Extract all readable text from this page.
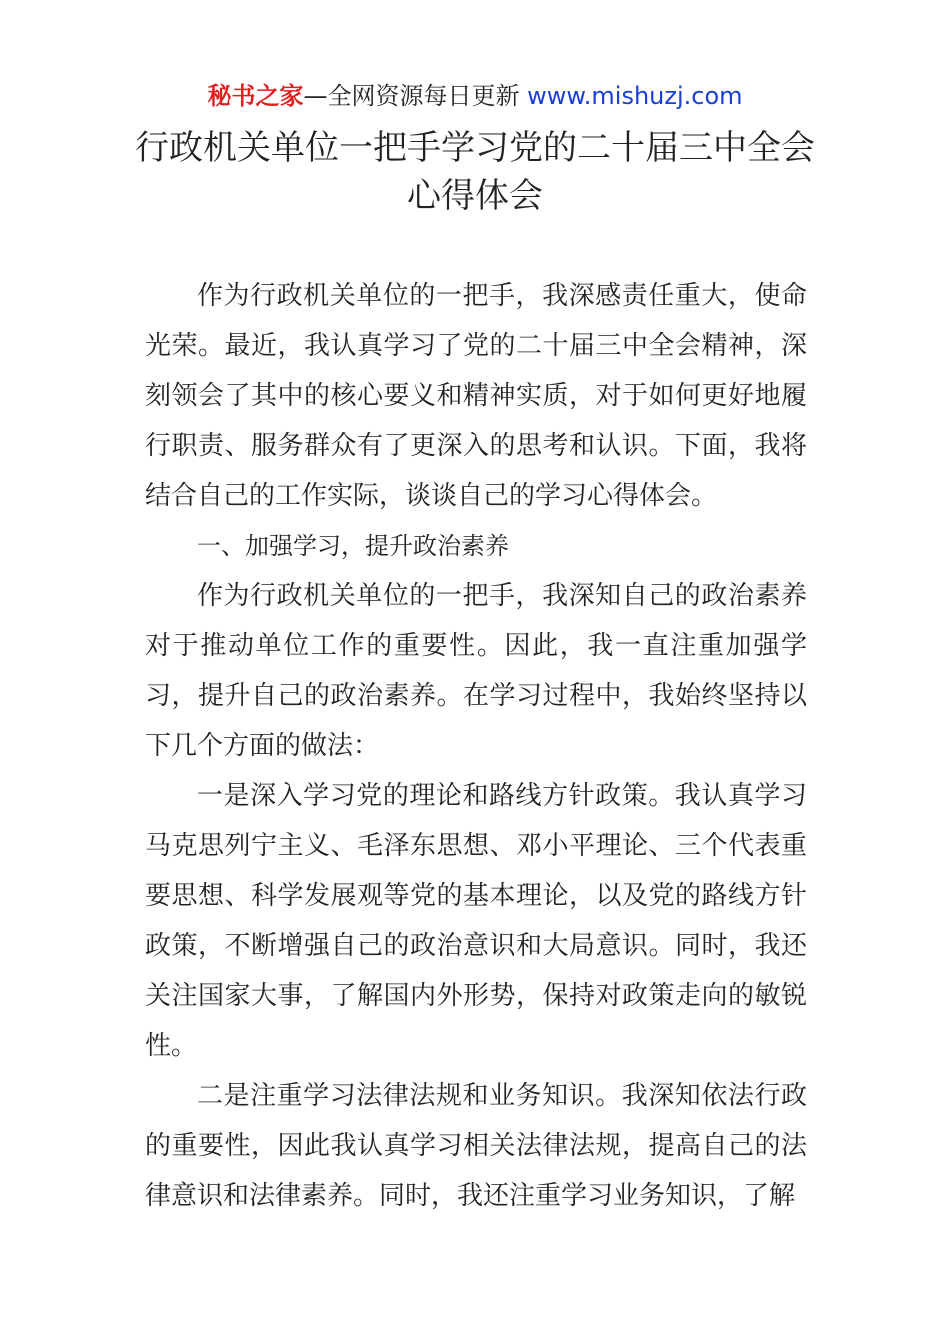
秘书之家—全网资源每日更新 www.mishuzj.com
行政机关单位一把手学习党的二十届三中全会
心得体会

作为行政机关单位的一把手，我深感责任重大，使命光荣。最近，我认真学习了党的二十届三中全会精神，深刻领会了其中的核心要义和精神实质，对于如何更好地履行职责、服务群众有了更深入的思考和认识。下面，我将结合自己的工作实际，谈谈自己的学习心得体会。

一、加强学习，提升政治素养

作为行政机关单位的一把手，我深知自己的政治素养对于推动单位工作的重要性。因此，我一直注重加强学习，提升自己的政治素养。在学习过程中，我始终坚持以下几个方面的做法：

一是深入学习党的理论和路线方针政策。我认真学习马克思列宁主义、毛泽东思想、邓小平理论、三个代表重要思想、科学发展观等党的基本理论，以及党的路线方针政策，不断增强自己的政治意识和大局意识。同时，我还关注国家大事，了解国内外形势，保持对政策走向的敏锐性。

二是注重学习法律法规和业务知识。我深知依法行政的重要性，因此我认真学习相关法律法规，提高自己的法律意识和法律素养。同时，我还注重学习业务知识，了解
